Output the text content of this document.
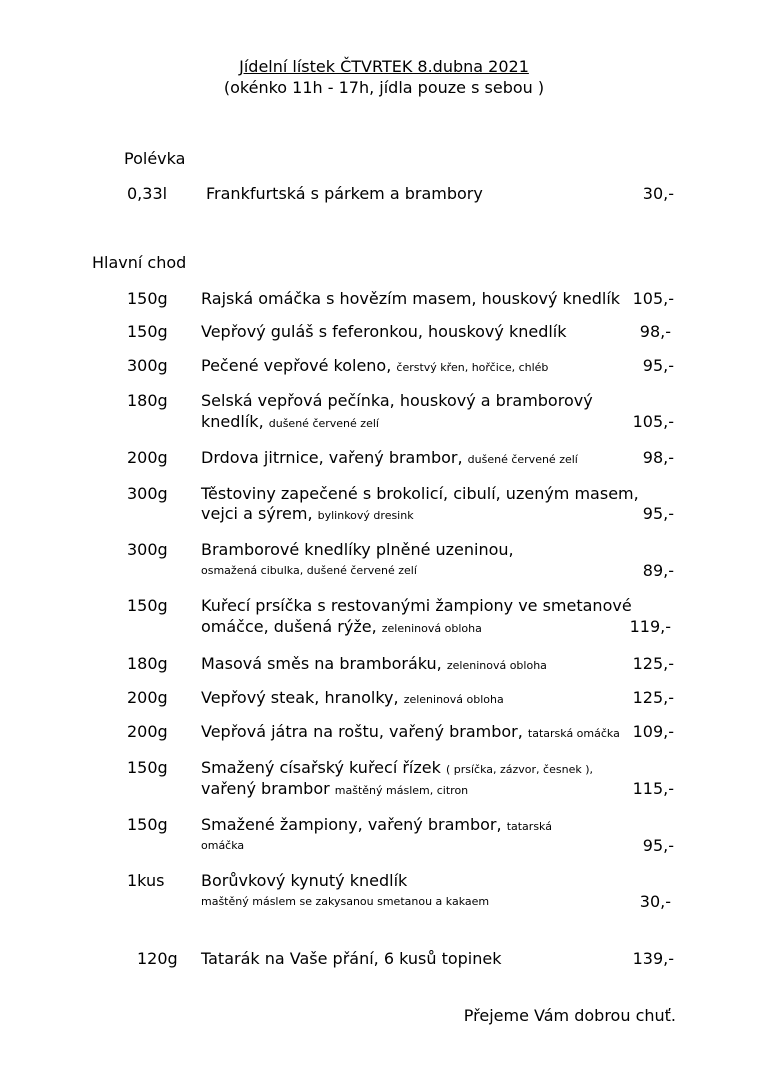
Jídelní lístek ČTVRTEK 8.dubna 2021
(okénko 11h - 17h, jídla pouze s sebou )
Polévka
0,33l Frankfurtská s párkem a brambory	30,-
Hlavní chod
150g Rajská omáčka s hovězím masem, houskový knedlík 105,-
150g Vepřový guláš s feferonkou, houskový knedlík	98,-
300g Pečené vepřové koleno, čerstvý křen, hořčice, chléb	95,-
180g Selská vepřová pečínka, houskový a bramborový
knedlík, dušené červené zelí	105,-
200g Drdova jitrnice, vařený brambor, dušené červené zelí	98,-
300g Těstoviny zapečené s brokolicí, cibulí, uzeným masem,
vejci a sýrem, bylinkový dresink	95,-
300g Bramborové knedlíky plněné uzeninou,
osmažená cibulka, dušené červené zelí	89,-
150g Kuřecí prsíčka s restovanými žampiony ve smetanové
omáčce, dušená rýže, zeleninová obloha	119,-
180g Masová směs na bramboráku, zeleninová obloha	125,-
200g Vepřový steak, hranolky, zeleninová obloha	125,-
200g Vepřová játra na roštu, vařený brambor, tatarská omáčka 109,-
150g Smažený císařský kuřecí řízek ( prsíčka, zázvor, česnek ),
vařený brambor maštěný máslem, citron	115,-
150g Smažené žampiony, vařený brambor, tatarská
omáčka	95,-
1kus Borůvkový kynutý knedlík
maštěný máslem se zakysanou smetanou a kakaem	30,-
120g Tatarák na Vaše přání, 6 kusů topinek	139,-
Přejeme Vám dobrou chuť.
